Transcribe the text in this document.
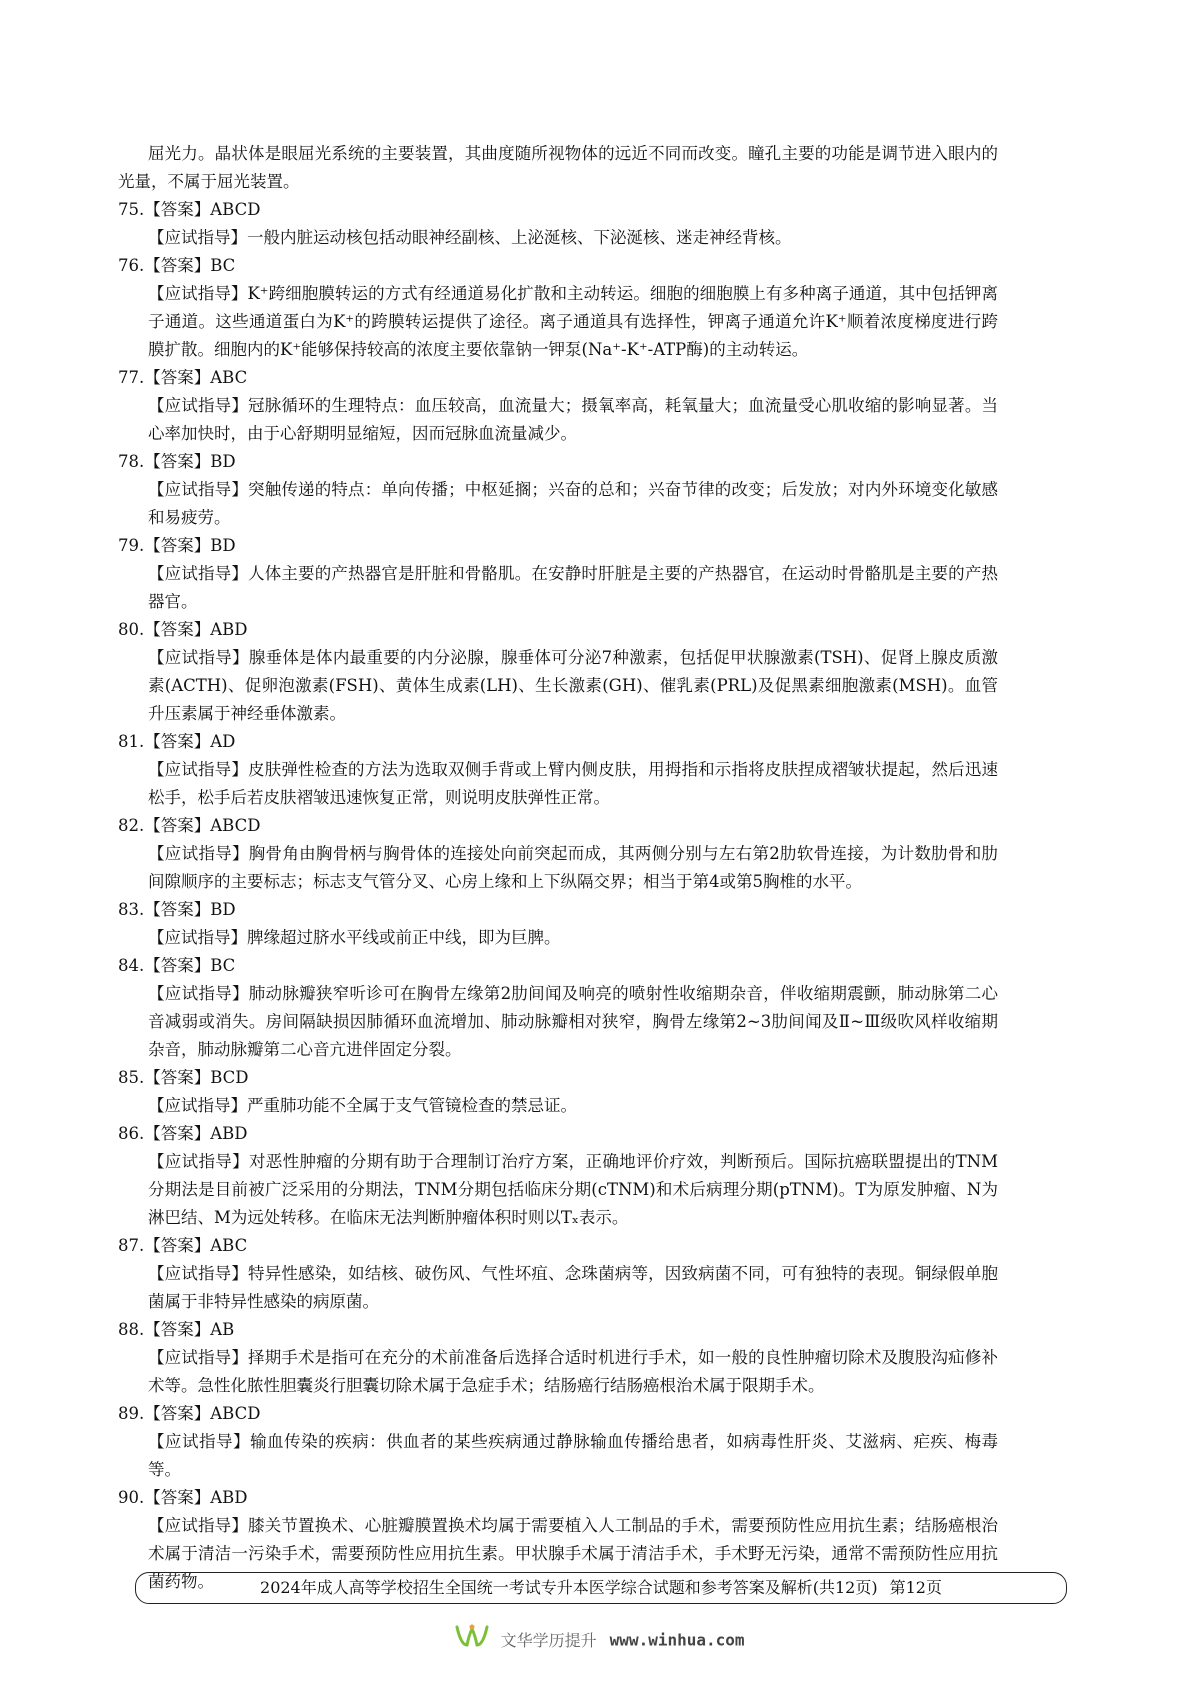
屈光力。晶状体是眼屈光系统的主要装置，其曲度随所视物体的远近不同而改变。瞳孔主要的功能是调节进入眼内的光量，不属于屈光装置。

75.【答案】ABCD

【应试指导】一般内脏运动核包括动眼神经副核、上泌涎核、下泌涎核、迷走神经背核。

76.【答案】BC

【应试指导】K⁺跨细胞膜转运的方式有经通道易化扩散和主动转运。细胞的细胞膜上有多种离子通道，其中包括钾离子通道。这些通道蛋白为K⁺的跨膜转运提供了途径。离子通道具有选择性，钾离子通道允许K⁺顺着浓度梯度进行跨膜扩散。细胞内的K⁺能够保持较高的浓度主要依靠钠一钾泵(Na⁺-K⁺-ATP酶)的主动转运。

77.【答案】ABC

【应试指导】冠脉循环的生理特点：血压较高，血流量大；摄氧率高，耗氧量大；血流量受心肌收缩的影响显著。当心率加快时，由于心舒期明显缩短，因而冠脉血流量减少。

78.【答案】BD

【应试指导】突触传递的特点：单向传播；中枢延搁；兴奋的总和；兴奋节律的改变；后发放；对内外环境变化敏感和易疲劳。

79.【答案】BD

【应试指导】人体主要的产热器官是肝脏和骨骼肌。在安静时肝脏是主要的产热器官，在运动时骨骼肌是主要的产热器官。

80.【答案】ABD

【应试指导】腺垂体是体内最重要的内分泌腺，腺垂体可分泌7种激素，包括促甲状腺激素(TSH)、促肾上腺皮质激素(ACTH)、促卵泡激素(FSH)、黄体生成素(LH)、生长激素(GH)、催乳素(PRL)及促黑素细胞激素(MSH)。血管升压素属于神经垂体激素。

81.【答案】AD

【应试指导】皮肤弹性检查的方法为选取双侧手背或上臂内侧皮肤，用拇指和示指将皮肤捏成褶皱状提起，然后迅速松手，松手后若皮肤褶皱迅速恢复正常，则说明皮肤弹性正常。

82.【答案】ABCD

【应试指导】胸骨角由胸骨柄与胸骨体的连接处向前突起而成，其两侧分别与左右第2肋软骨连接，为计数肋骨和肋间隙顺序的主要标志；标志支气管分叉、心房上缘和上下纵隔交界；相当于第4或第5胸椎的水平。

83.【答案】BD

【应试指导】脾缘超过脐水平线或前正中线，即为巨脾。

84.【答案】BC

【应试指导】肺动脉瓣狭窄听诊可在胸骨左缘第2肋间闻及响亮的喷射性收缩期杂音，伴收缩期震颤，肺动脉第二心音减弱或消失。房间隔缺损因肺循环血流增加、肺动脉瓣相对狭窄，胸骨左缘第2~3肋间闻及Ⅱ~Ⅲ级吹风样收缩期杂音，肺动脉瓣第二心音亢进伴固定分裂。

85.【答案】BCD

【应试指导】严重肺功能不全属于支气管镜检查的禁忌证。

86.【答案】ABD

【应试指导】对恶性肿瘤的分期有助于合理制订治疗方案，正确地评价疗效，判断预后。国际抗癌联盟提出的TNM分期法是目前被广泛采用的分期法，TNM分期包括临床分期(cTNM)和术后病理分期(pTNM)。T为原发肿瘤、N为淋巴结、M为远处转移。在临床无法判断肿瘤体积时则以Tₓ表示。

87.【答案】ABC

【应试指导】特异性感染，如结核、破伤风、气性坏疽、念珠菌病等，因致病菌不同，可有独特的表现。铜绿假单胞菌属于非特异性感染的病原菌。

88.【答案】AB

【应试指导】择期手术是指可在充分的术前准备后选择合适时机进行手术，如一般的良性肿瘤切除术及腹股沟疝修补术等。急性化脓性胆囊炎行胆囊切除术属于急症手术；结肠癌行结肠癌根治术属于限期手术。

89.【答案】ABCD

【应试指导】输血传染的疾病：供血者的某些疾病通过静脉输血传播给患者，如病毒性肝炎、艾滋病、疟疾、梅毒等。

90.【答案】ABD

【应试指导】膝关节置换术、心脏瓣膜置换术均属于需要植入人工制品的手术，需要预防性应用抗生素；结肠癌根治术属于清洁一污染手术，需要预防性应用抗生素。甲状腺手术属于清洁手术，手术野无污染，通常不需预防性应用抗菌药物。	2024年成人高等学校招生全国统一考试专升本医学综合试题和参考答案及解析(共12页) 第12页
文华学历提升 www.winhua.com
